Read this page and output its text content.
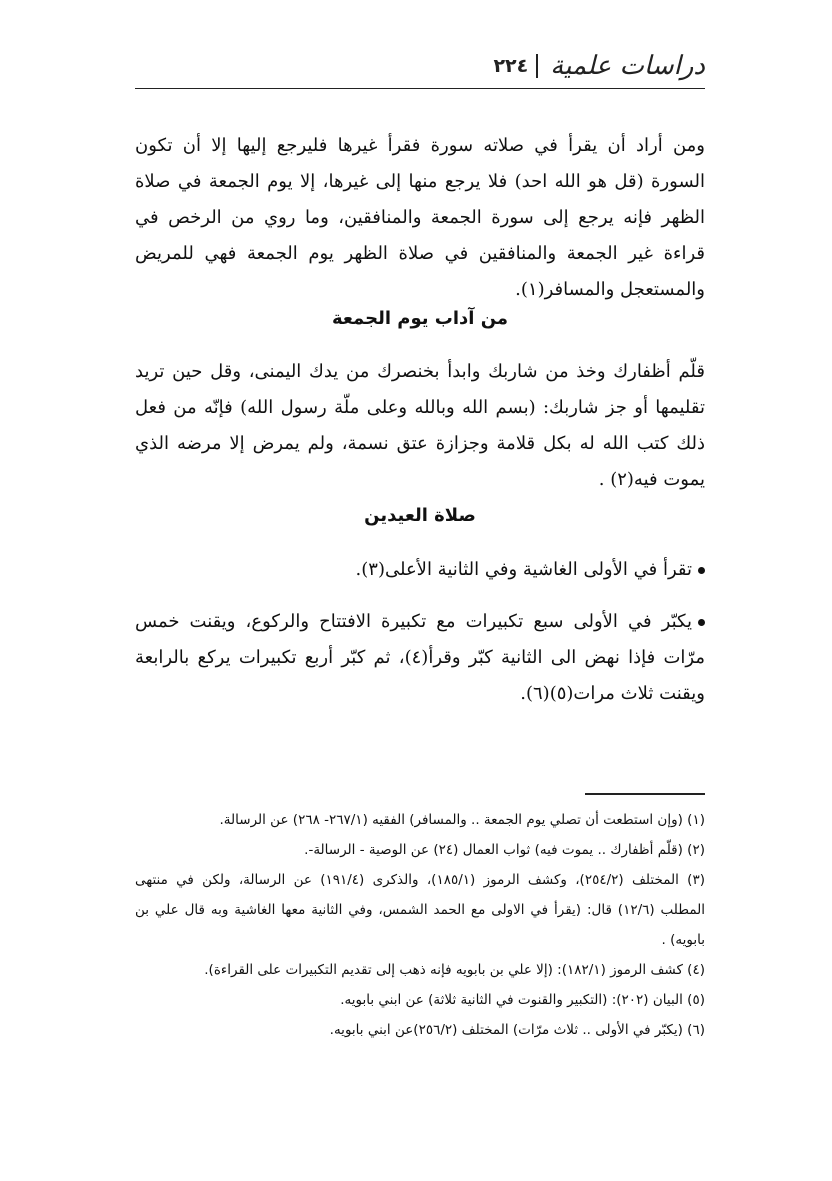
٢٢٤ دراسات علمية

ومن أراد أن يقرأ في صلاته سورة فقرأ غيرها فليرجع إليها إلا أن تكون السورة (قل هو الله احد) فلا يرجع منها إلى غيرها، إلا يوم الجمعة في صلاة الظهر فإنه يرجع إلى سورة الجمعة والمنافقين، وما روي من الرخص في قراءة غير الجمعة والمنافقين في صلاة الظهر يوم الجمعة فهي للمريض والمستعجل والمسافر(١).

من آداب يوم الجمعة

قلّم أظفارك وخذ من شاربك وابدأ بخنصرك من يدك اليمنى، وقل حين تريد تقليمها أو جز شاربك: (بسم الله وبالله وعلى ملّة رسول الله) فإنّه من فعل ذلك كتب الله له بكل قلامة وجزازة عتق نسمة، ولم يمرض إلا مرضه الذي يموت فيه(٢) .

صلاة العيدين

تقرأ في الأولى الغاشية وفي الثانية الأعلى(٣).

يكبّر في الأولى سبع تكبيرات مع تكبيرة الافتتاح والركوع، ويقنت خمس مرّات فإذا نهض الى الثانية كبّر وقرأ(٤)، ثم كبّر أربع تكبيرات يركع بالرابعة ويقنت ثلاث مرات(٥)(٦).

(١) (وإن استطعت أن تصلي يوم الجمعة .. والمسافر) الفقيه (٢٦٧/١- ٢٦٨) عن الرسالة.

(٢) (قلّم أظفارك .. يموت فيه) ثواب العمال (٢٤) عن الوصية - الرسالة-.

(٣) المختلف (٢٥٤/٢)، وكشف الرموز (١٨٥/١)، والذكرى (١٩١/٤) عن الرسالة، ولكن في منتهى المطلب (١٢/٦) قال: (يقرأ في الاولى مع الحمد الشمس، وفي الثانية معها الغاشية وبه قال علي بن بابويه) .

(٤) كشف الرموز (١٨٢/١): (إلا علي بن بابويه فإنه ذهب إلى تقديم التكبيرات على القراءة).

(٥) البيان (٢٠٢): (التكبير والقنوت في الثانية ثلاثة) عن ابني بابويه.

(٦) (يكبّر في الأولى .. ثلاث مرّات) المختلف (٢٥٦/٢)عن ابني بابويه.
